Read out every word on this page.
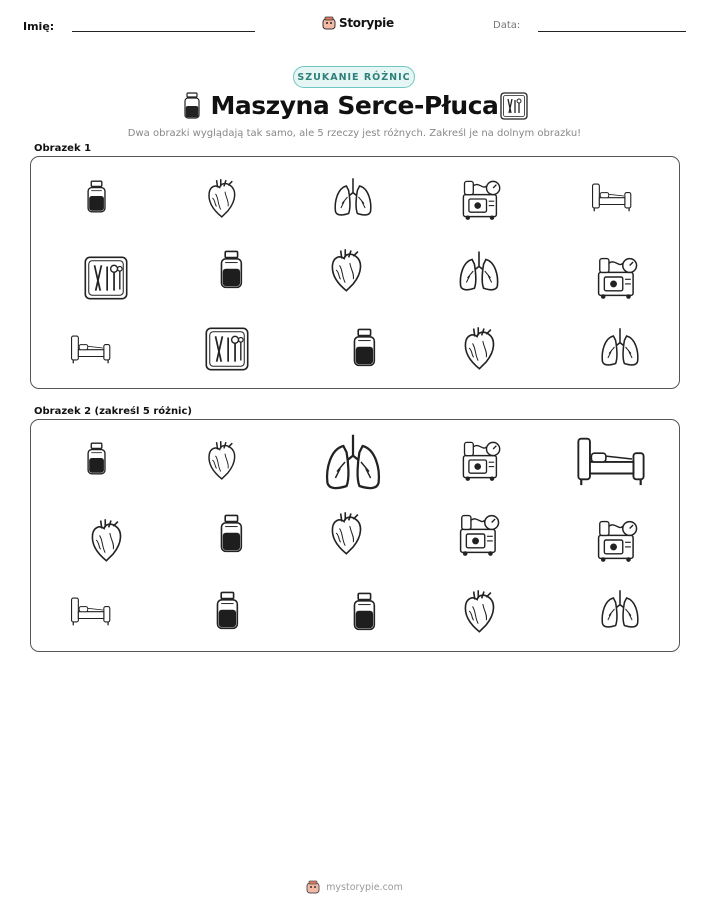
Imię:	Storypie	Data:
SZUKANIE RÓŻNIC
Maszyna Serce-Płuca
Dwa obrazki wyglądają tak samo, ale 5 rzeczy jest różnych. Zakreśl je na dolnym obrazku!
Obrazek 1
Obrazek 2 (zakreśl 5 różnic)
mystorypie.com
